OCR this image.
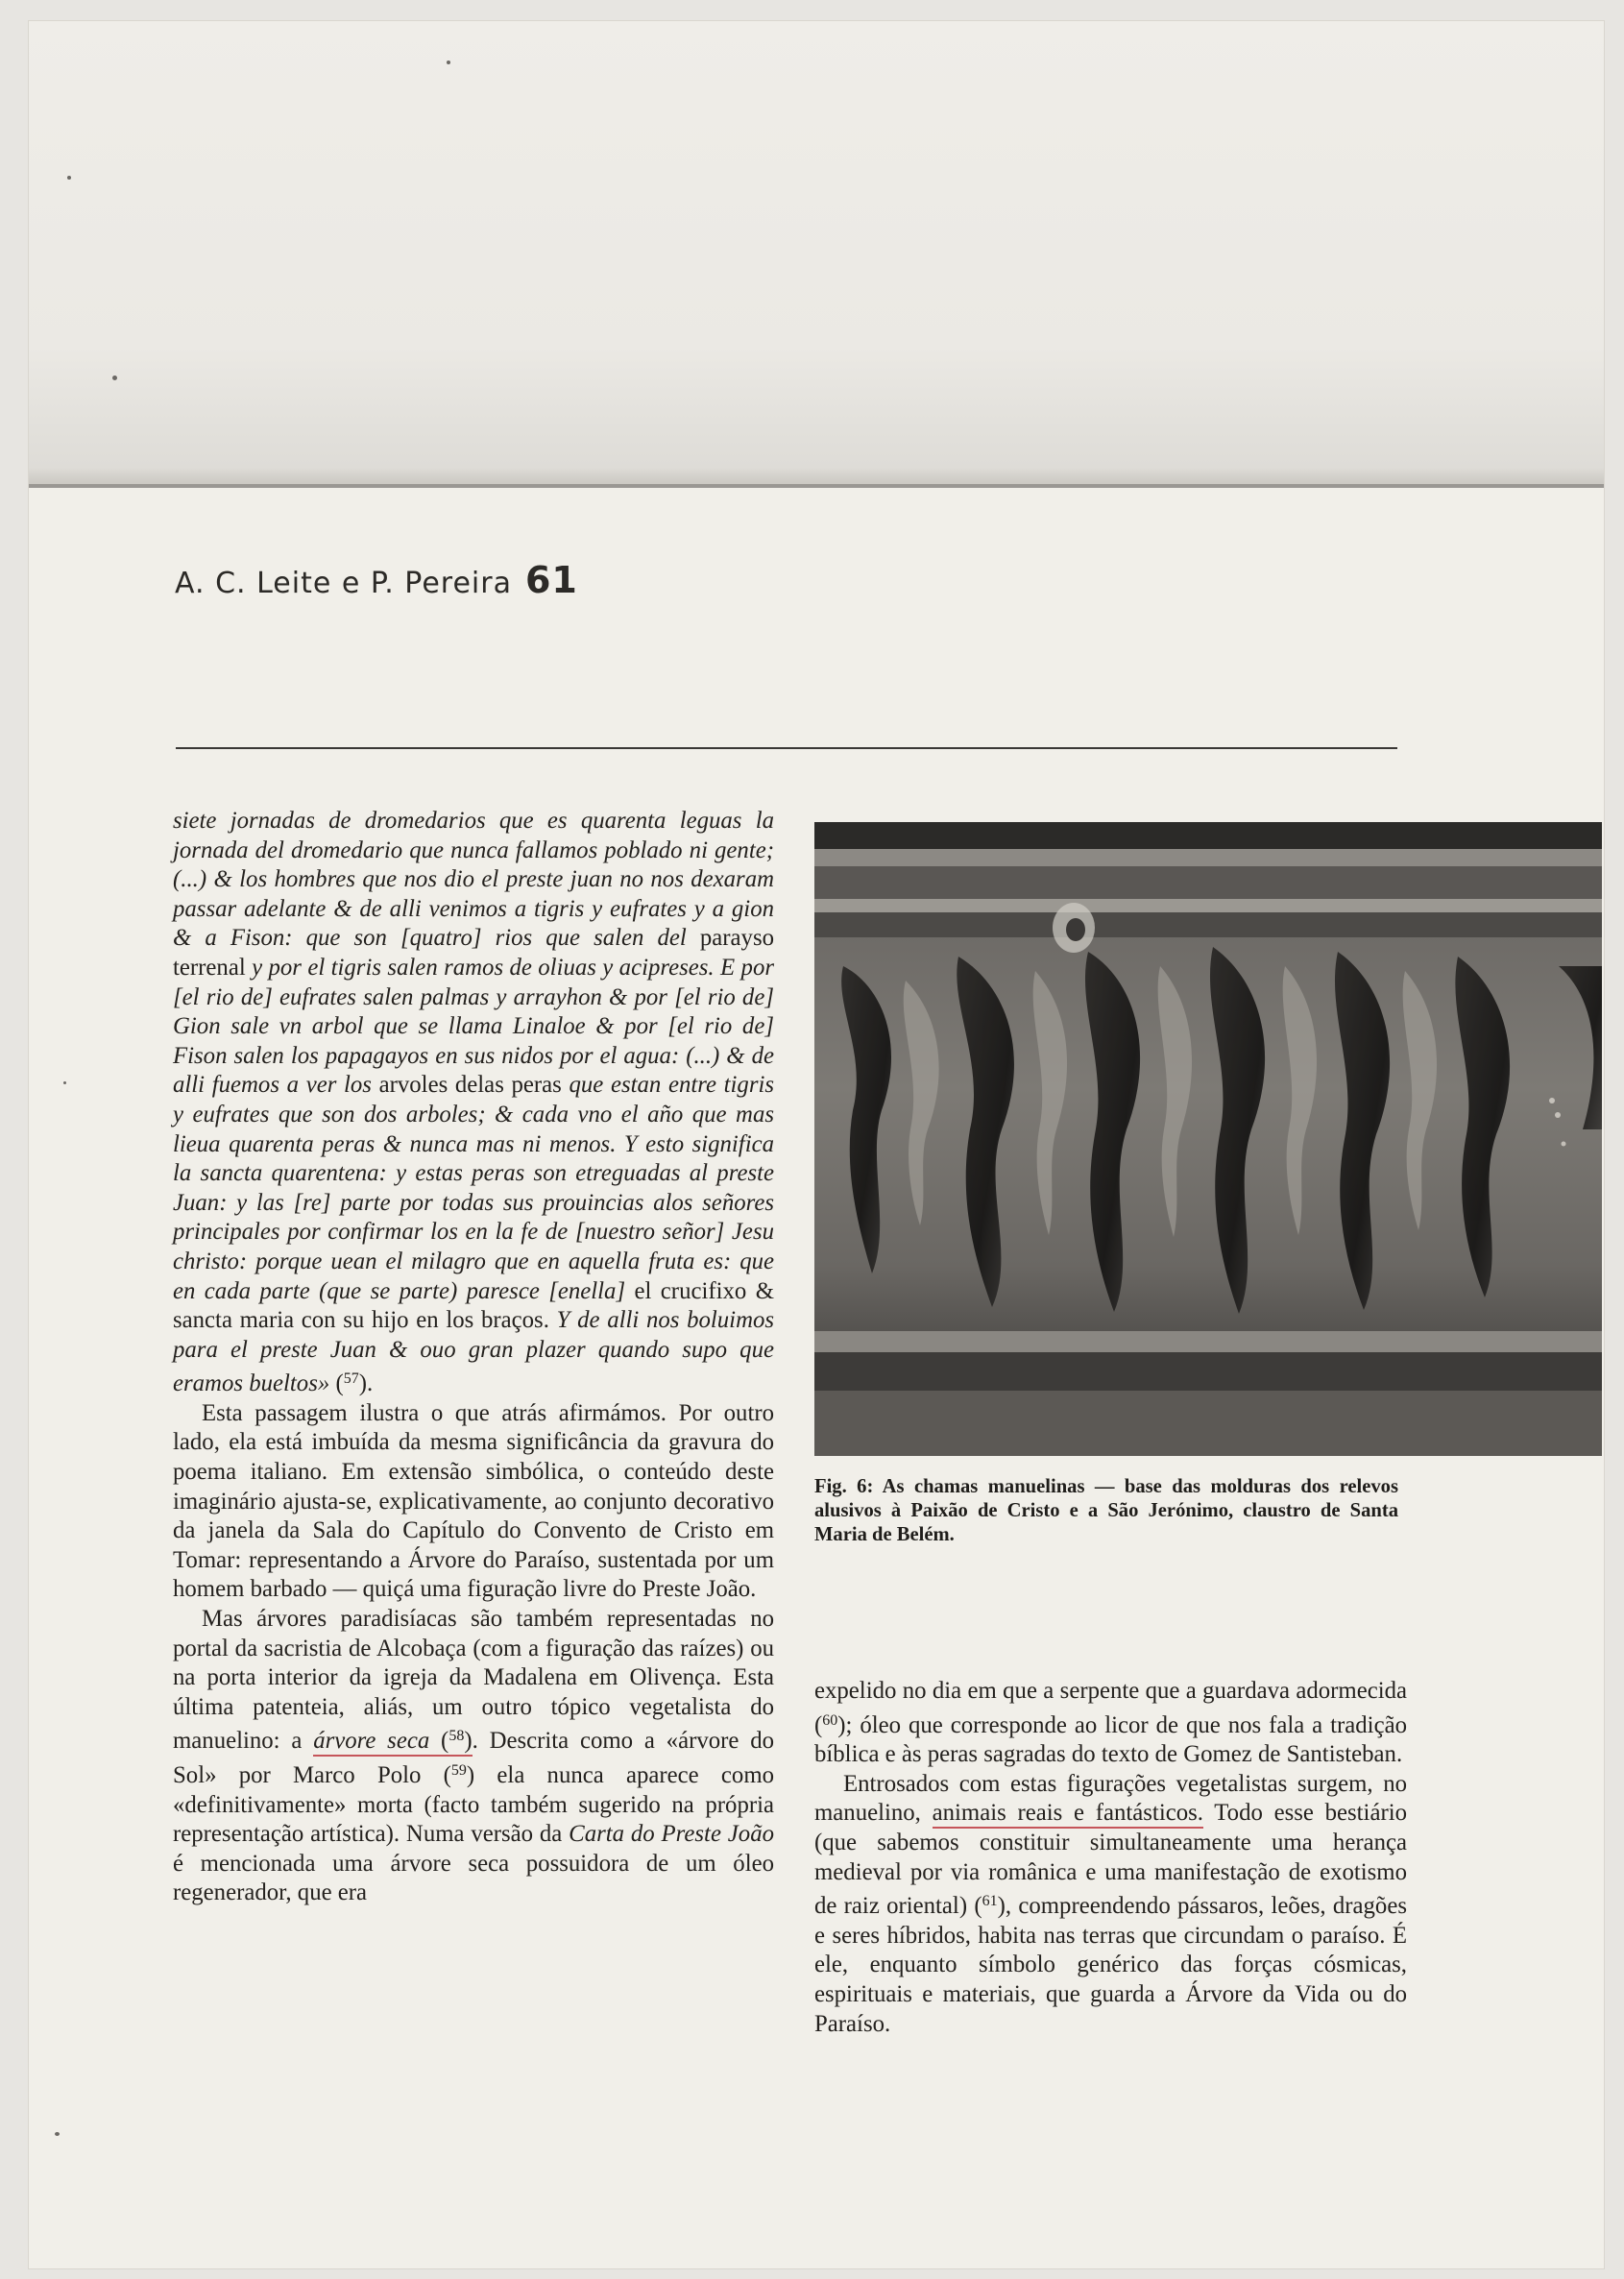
A. C. Leite e P. Pereira 61

siete jornadas de dromedarios que es quarenta leguas la jornada del dromedario que nunca fallamos poblado ni gente; (...) & los hombres que nos dio el preste juan no nos dexaram passar adelante & de alli venimos a tigris y eufrates y a gion & a Fison: que son [quatro] rios que salen del parayso terrenal y por el tigris salen ramos de oliuas y acipreses. E por [el rio de] eufrates salen palmas y arrayhon & por [el rio de] Gion sale vn arbol que se llama Linaloe & por [el rio de] Fison salen los papagayos en sus nidos por el agua: (...) & de alli fuemos a ver los arvoles delas peras que estan entre tigris y eufrates que son dos arboles; & cada vno el año que mas lieua quarenta peras & nunca mas ni menos. Y esto significa la sancta quarentena: y estas peras son etreguadas al preste Juan: y las [re] parte por todas sus prouincias alos señores principales por confirmar los en la fe de [nuestro señor] Jesu christo: porque uean el milagro que en aquella fruta es: que en cada parte (que se parte) paresce [enella] el crucifixo & sancta maria con su hijo en los braços. Y de alli nos boluimos para el preste Juan & ouo gran plazer quando supo que eramos bueltos» ($^{57}$).

Esta passagem ilustra o que atrás afirmámos. Por outro lado, ela está imbuída da mesma significância da gravura do poema italiano. Em extensão simbólica, o conteúdo deste imaginário ajusta-se, explicativamente, ao conjunto decorativo da janela da Sala do Capítulo do Convento de Cristo em Tomar: representando a Árvore do Paraíso, sustentada por um homem barbado — quiçá uma figuração livre do Preste João.

Mas árvores paradisíacas são também representadas no portal da sacristia de Alcobaça (com a figuração das raízes) ou na porta interior da igreja da Madalena em Olivença. Esta última patenteia, aliás, um outro tópico vegetalista do manuelino: a árvore seca ($^{58}$). Descrita como a «árvore do Sol» por Marco Polo ($^{59}$) ela nunca aparece como «definitivamente» morta (facto também sugerido na própria representação artística). Numa versão da Carta do Preste João é mencionada uma árvore seca possuidora de um óleo regenerador, que era

Fig. 6: As chamas manuelinas — base das molduras dos relevos alusivos à Paixão de Cristo e a São Jerónimo, claustro de Santa Maria de Belém.

expelido no dia em que a serpente que a guardava adormecida ($^{60}$); óleo que corresponde ao licor de que nos fala a tradição bíblica e às peras sagradas do texto de Gomez de Santisteban.

Entrosados com estas figurações vegetalistas surgem, no manuelino, animais reais e fantásticos. Todo esse bestiário (que sabemos constituir simultaneamente uma herança medieval por via românica e uma manifestação de exotismo de raiz oriental) ($^{61}$), compreendendo pássaros, leões, dragões e seres híbridos, habita nas terras que circundam o paraíso. É ele, enquanto símbolo genérico das forças cósmicas, espirituais e materiais, que guarda a Árvore da Vida ou do Paraíso.
